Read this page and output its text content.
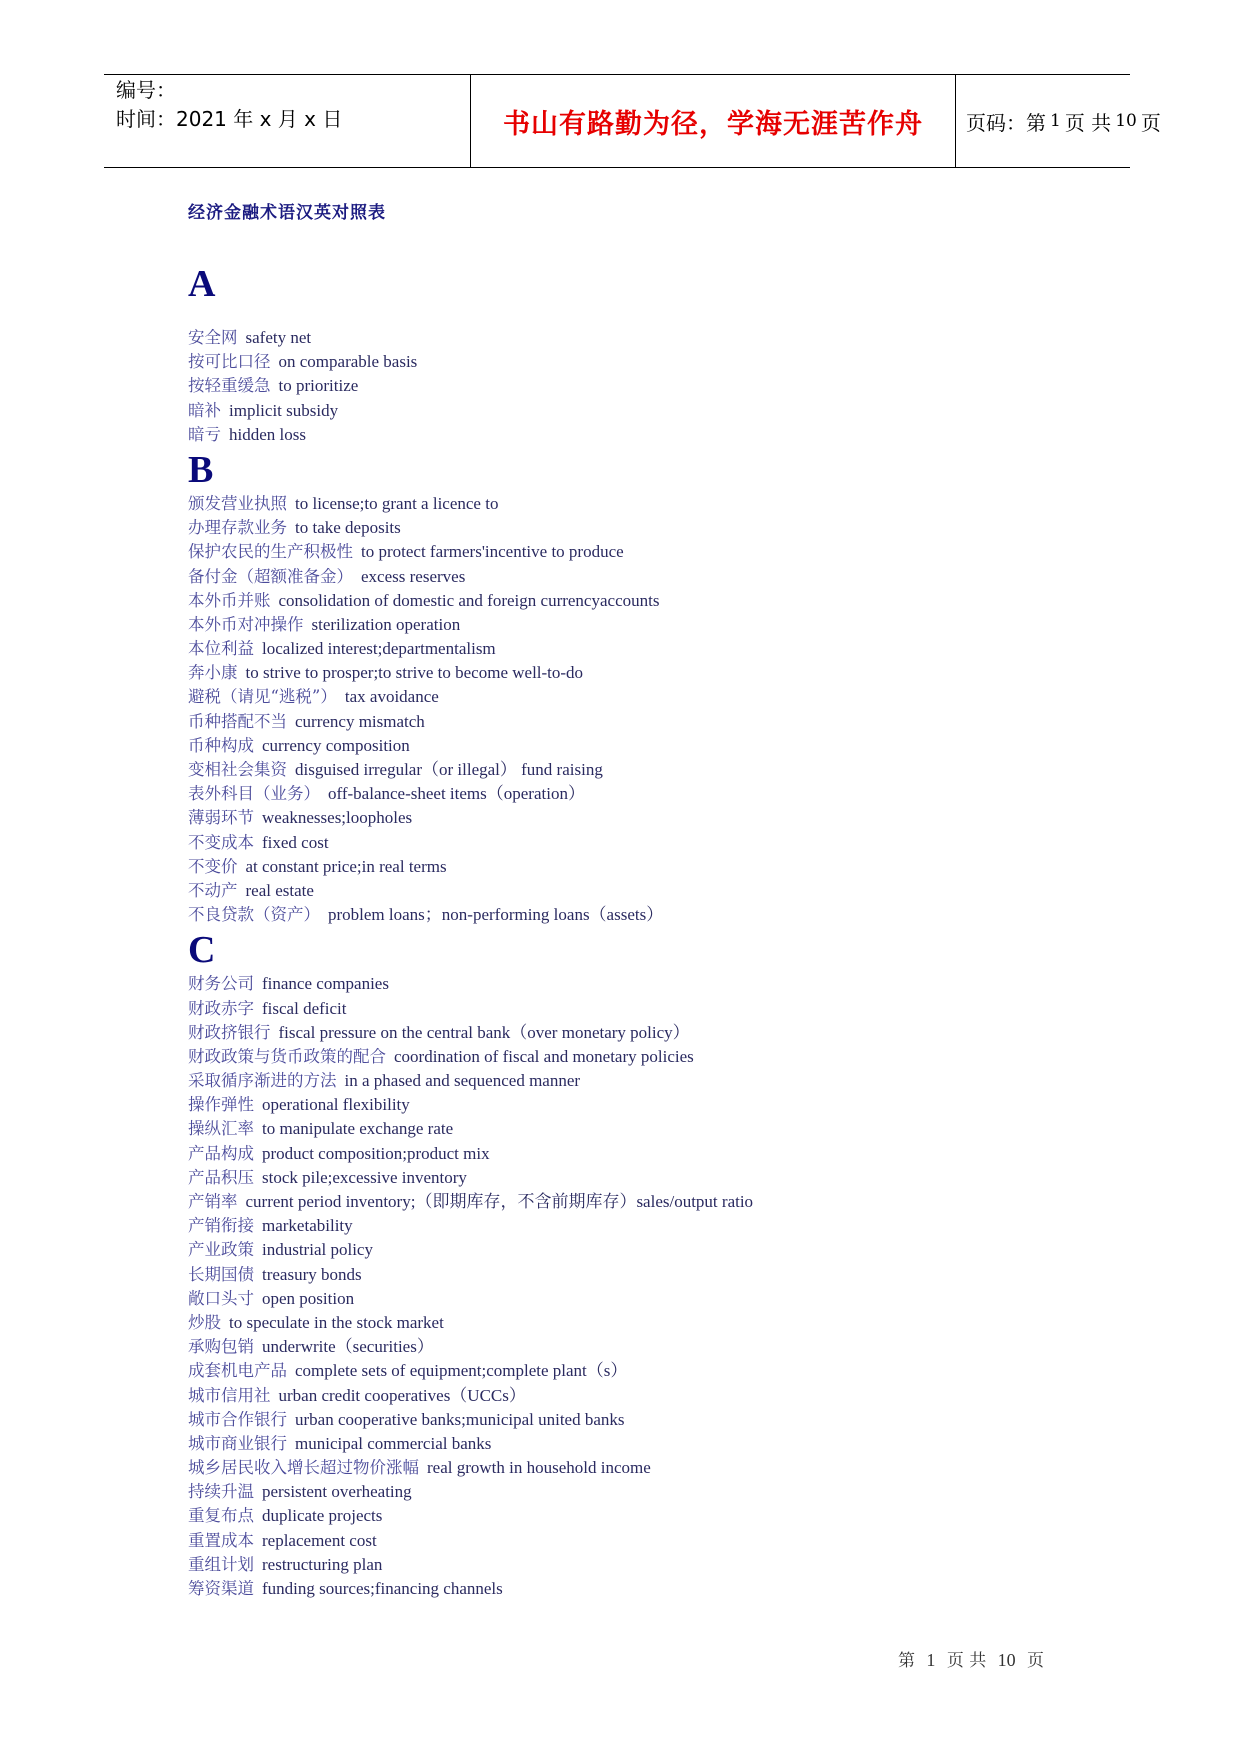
编号：
时间：2021 年 x 月 x 日	书山有路勤为径，学海无涯苦作舟 页码：第 1 页 共 10 页
经济金融术语汉英对照表
A
安全网 safety net
按可比口径 on comparable basis
按轻重缓急 to prioritize
暗补 implicit subsidy
暗亏 hidden loss
B
颁发营业执照 to license;to grant a licence to
办理存款业务 to take deposits
保护农民的生产积极性 to protect farmers'incentive to produce
备付金（超额准备金） excess reserves
本外币并账 consolidation of domestic and foreign currencyaccounts
本外币对冲操作 sterilization operation
本位利益 localized interest;departmentalism
奔小康 to strive to prosper;to strive to become well-to-do
避税（请见“逃税”） tax avoidance
币种搭配不当 currency mismatch
币种构成 currency composition
变相社会集资 disguised irregular（or illegal） fund raising
表外科目（业务） off-balance-sheet items（operation）
薄弱环节 weaknesses;loopholes
不变成本 fixed cost
不变价 at constant price;in real terms
不动产 real estate
不良贷款（资产） problem loans；non-performing loans（assets）
C
财务公司 finance companies
财政赤字 fiscal deficit
财政挤银行 fiscal pressure on the central bank（over monetary policy）
财政政策与货币政策的配合 coordination of fiscal and monetary policies
采取循序渐进的方法 in a phased and sequenced manner
操作弹性 operational flexibility
操纵汇率 to manipulate exchange rate
产品构成 product composition;product mix
产品积压 stock pile;excessive inventory
产销率 current period inventory;（即期库存，不含前期库存）sales/output ratio
产销衔接 marketability
产业政策 industrial policy
长期国债 treasury bonds
敞口头寸 open position
炒股 to speculate in the stock market
承购包销 underwrite（securities）
成套机电产品 complete sets of equipment;complete plant（s）
城市信用社 urban credit cooperatives（UCCs）
城市合作银行 urban cooperative banks;municipal united banks
城市商业银行 municipal commercial banks
城乡居民收入增长超过物价涨幅 real growth in household income
持续升温 persistent overheating
重复布点 duplicate projects
重置成本 replacement cost
重组计划 restructuring plan
筹资渠道 funding sources;financing channels
第 1 页 共 10 页
